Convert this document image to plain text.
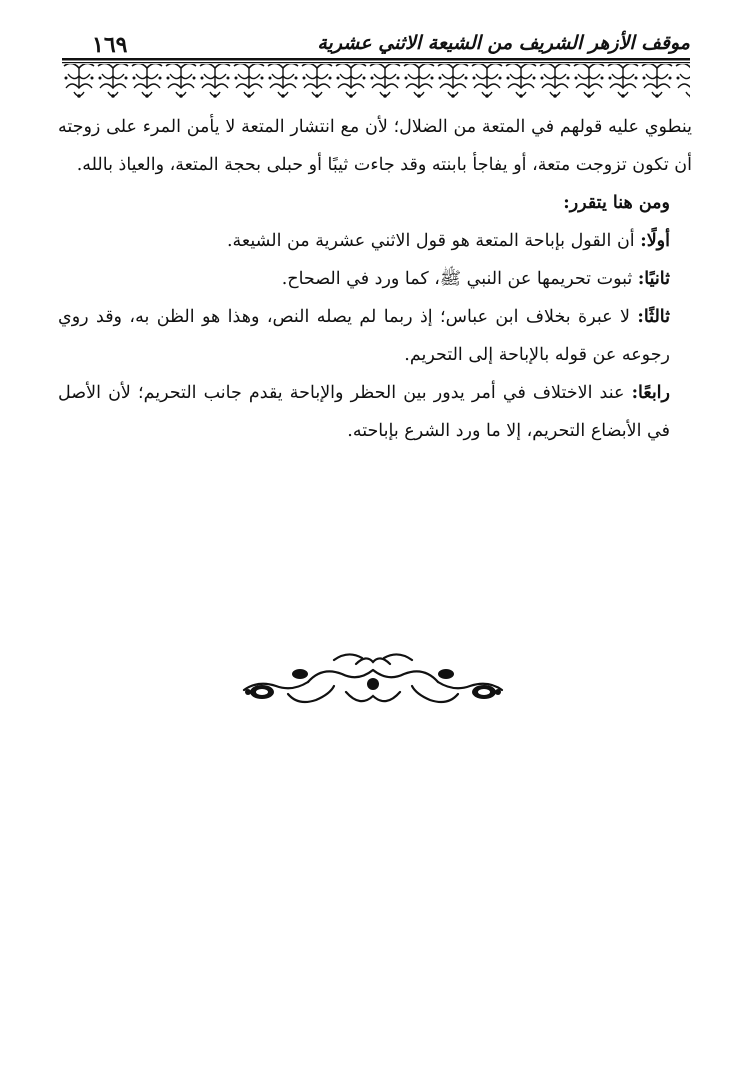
موقف الأزهر الشريف من الشيعة الاثني عشرية
١٦٩

ينطوي عليه قولهم في المتعة من الضلال؛ لأن مع انتشار المتعة لا يأمن المرء على زوجته أن تكون تزوجت متعة، أو يفاجأ بابنته وقد جاءت ثيبًا أو حبلى بحجة المتعة، والعياذ بالله.

ومن هنا يتقرر:

أولًا: أن القول بإباحة المتعة هو قول الاثني عشرية من الشيعة.

ثانيًا: ثبوت تحريمها عن النبي ﷺ، كما ورد في الصحاح.

ثالثًا: لا عبرة بخلاف ابن عباس؛ إذ ربما لم يصله النص، وهذا هو الظن به، وقد روي رجوعه عن قوله بالإباحة إلى التحريم.

رابعًا: عند الاختلاف في أمر يدور بين الحظر والإباحة يقدم جانب التحريم؛ لأن الأصل في الأبضاع التحريم، إلا ما ورد الشرع بإباحته.
